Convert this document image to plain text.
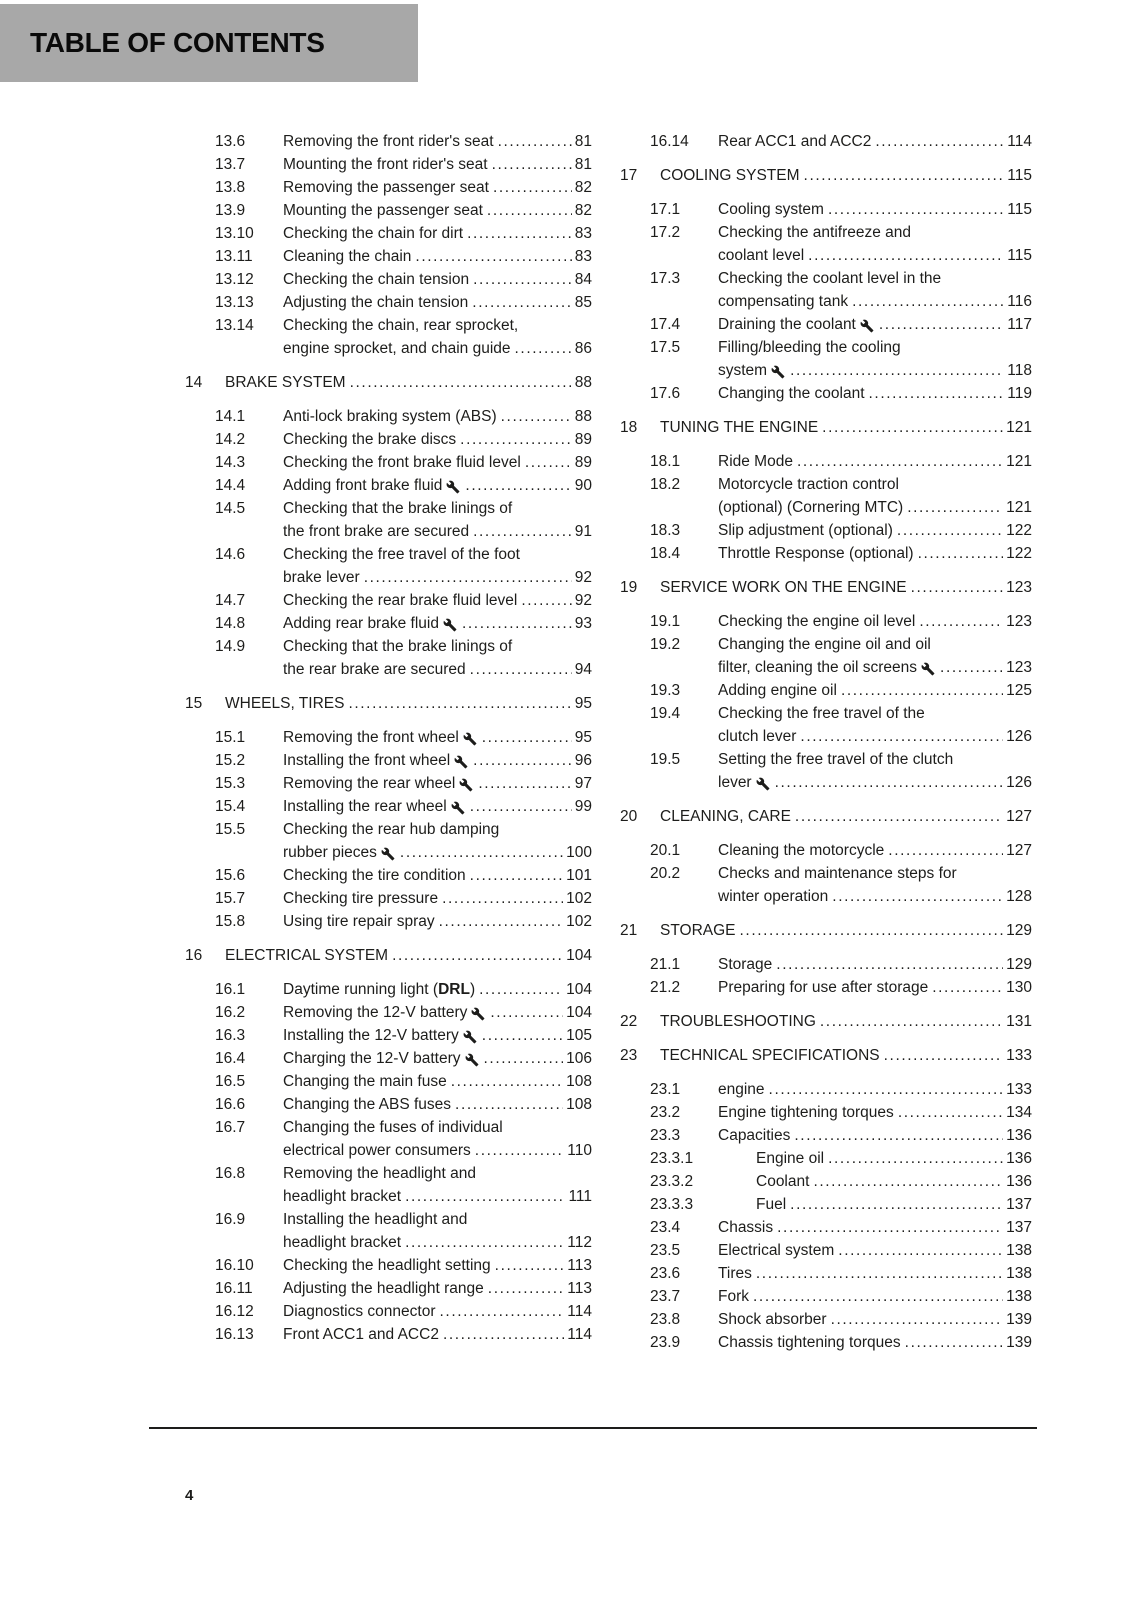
TABLE OF CONTENTS
13.6	Removing the front rider's seat .....	81
13.7	Mounting the front rider's seat .....	81
13.8	Removing the passenger seat .....	82
13.9	Mounting the passenger seat .....	82
13.10	Checking the chain for dirt .....	83
13.11	Cleaning the chain .....	83
13.12	Checking the chain tension .....	84
13.13	Adjusting the chain tension .....	85
13.14	Checking the chain, rear sprocket,
engine sprocket, and chain guide .....	86
14	BRAKE SYSTEM .....	88
14.1	Anti-lock braking system (ABS) .....	88
14.2	Checking the brake discs .....	89
14.3	Checking the front brake fluid level .....	89
14.4	Adding front brake fluid .....	90
14.5	Checking that the brake linings of
the front brake are secured .....	91
14.6	Checking the free travel of the foot
brake lever .....	92
14.7	Checking the rear brake fluid level .....	92
14.8	Adding rear brake fluid .....	93
14.9	Checking that the brake linings of
the rear brake are secured .....	94
15	WHEELS, TIRES .....	95
15.1	Removing the front wheel .....	95
15.2	Installing the front wheel .....	96
15.3	Removing the rear wheel .....	97
15.4	Installing the rear wheel .....	99
15.5	Checking the rear hub damping
rubber pieces .....	100
15.6	Checking the tire condition .....	101
15.7	Checking tire pressure .....	102
15.8	Using tire repair spray .....	102
16	ELECTRICAL SYSTEM .....	104
16.1	Daytime running light (DRL) .....	104
16.2	Removing the 12-V battery .....	104
16.3	Installing the 12-V battery .....	105
16.4	Charging the 12-V battery .....	106
16.5	Changing the main fuse .....	108
16.6	Changing the ABS fuses .....	108
16.7	Changing the fuses of individual
electrical power consumers .....	110
16.8	Removing the headlight and
headlight bracket .....	111
16.9	Installing the headlight and
headlight bracket .....	112
16.10	Checking the headlight setting .....	113
16.11	Adjusting the headlight range .....	113
16.12	Diagnostics connector .....	114
16.13	Front ACC1 and ACC2 .....	114
16.14	Rear ACC1 and ACC2 .....	114
17	COOLING SYSTEM .....	115
17.1	Cooling system .....	115
17.2	Checking the antifreeze and
coolant level .....	115
17.3	Checking the coolant level in the
compensating tank .....	116
17.4	Draining the coolant .....	117
17.5	Filling/bleeding the cooling
system .....	118
17.6	Changing the coolant .....	119
18	TUNING THE ENGINE .....	121
18.1	Ride Mode .....	121
18.2	Motorcycle traction control
(optional) (Cornering MTC) .....	121
18.3	Slip adjustment (optional) .....	122
18.4	Throttle Response (optional) .....	122
19	SERVICE WORK ON THE ENGINE .....	123
19.1	Checking the engine oil level .....	123
19.2	Changing the engine oil and oil
filter, cleaning the oil screens .....	123
19.3	Adding engine oil .....	125
19.4	Checking the free travel of the
clutch lever .....	126
19.5	Setting the free travel of the clutch
lever .....	126
20	CLEANING, CARE .....	127
20.1	Cleaning the motorcycle .....	127
20.2	Checks and maintenance steps for
winter operation .....	128
21	STORAGE .....	129
21.1	Storage .....	129
21.2	Preparing for use after storage .....	130
22	TROUBLESHOOTING .....	131
23	TECHNICAL SPECIFICATIONS .....	133
23.1	engine .....	133
23.2	Engine tightening torques .....	134
23.3	Capacities .....	136
23.3.1	Engine oil .....	136
23.3.2	Coolant .....	136
23.3.3	Fuel .....	137
23.4	Chassis .....	137
23.5	Electrical system .....	138
23.6	Tires .....	138
23.7	Fork .....	138
23.8	Shock absorber .....	139
23.9	Chassis tightening torques .....	139
4
